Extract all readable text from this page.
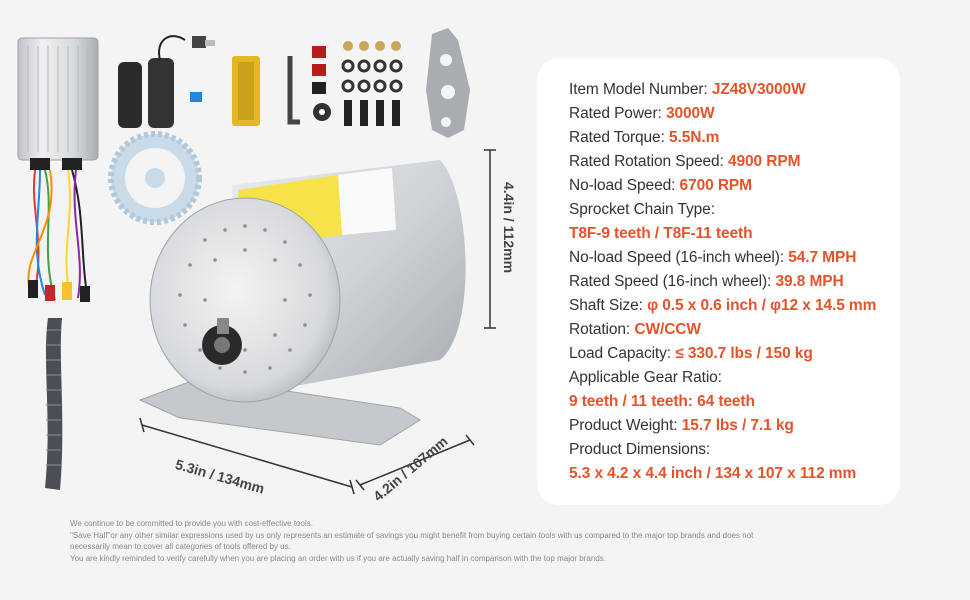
4.4in / 112mm
5.3in / 134mm	4.2in / 107mm
Item Model Number: JZ48V3000W
Rated Power: 3000W
Rated Torque: 5.5N.m
Rated Rotation Speed: 4900 RPM
No-load Speed: 6700 RPM
Sprocket Chain Type:
T8F-9 teeth / T8F-11 teeth
No-load Speed (16-inch wheel): 54.7 MPH
Rated Speed (16-inch wheel): 39.8 MPH
Shaft Size: φ 0.5 x 0.6 inch / φ12 x 14.5 mm
Rotation: CW/CCW
Load Capacity: ≤ 330.7 lbs / 150 kg
Applicable Gear Ratio:
9 teeth / 11 teeth: 64 teeth
Product Weight: 15.7 lbs / 7.1 kg
Product Dimensions:
5.3 x 4.2 x 4.4 inch / 134 x 107 x 112 mm
We continue to be committed to provide you with cost-effective tools.
"Save Half"or any other similar expressions used by us only represents an estimate of savings you might benefit from buying certain tools with us compared to the major top brands and does not
necessarily mean to cover all categories of tools offered by us.
You are kindly reminded to verify carefully when you are placing an order with us if you are actually saving half in comparison with the top major brands.
